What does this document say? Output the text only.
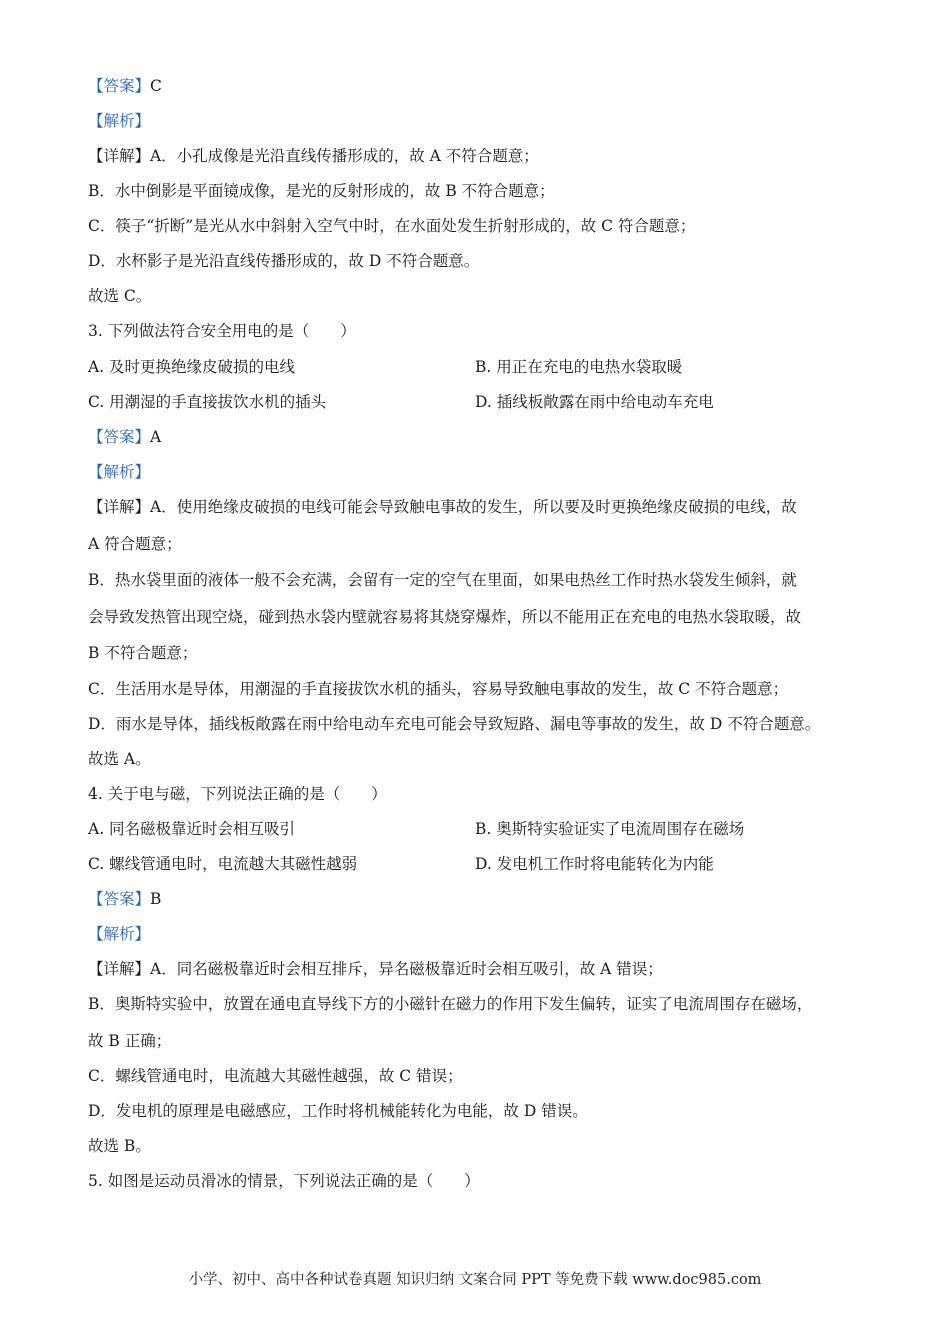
【答案】C
【解析】
【详解】A．小孔成像是光沿直线传播形成的，故 A 不符合题意；
B．水中倒影是平面镜成像，是光的反射形成的，故 B 不符合题意；
C．筷子“折断”是光从水中斜射入空气中时，在水面处发生折射形成的，故 C 符合题意；
D．水杯影子是光沿直线传播形成的，故 D 不符合题意。
故选 C。
3. 下列做法符合安全用电的是（　　）
A. 及时更换绝缘皮破损的电线	B. 用正在充电的电热水袋取暖
C. 用潮湿的手直接拔饮水机的插头	D. 插线板敞露在雨中给电动车充电
【答案】A
【解析】
【详解】A．使用绝缘皮破损的电线可能会导致触电事故的发生，所以要及时更换绝缘皮破损的电线，故
A 符合题意；
B．热水袋里面的液体一般不会充满，会留有一定的空气在里面，如果电热丝工作时热水袋发生倾斜，就
会导致发热管出现空烧，碰到热水袋内壁就容易将其烧穿爆炸，所以不能用正在充电的电热水袋取暖，故
B 不符合题意；
C．生活用水是导体，用潮湿的手直接拔饮水机的插头，容易导致触电事故的发生，故 C 不符合题意；
D．雨水是导体，插线板敞露在雨中给电动车充电可能会导致短路、漏电等事故的发生，故 D 不符合题意。
故选 A。
4. 关于电与磁，下列说法正确的是（　　）
A. 同名磁极靠近时会相互吸引	B. 奥斯特实验证实了电流周围存在磁场
C. 螺线管通电时，电流越大其磁性越弱	D. 发电机工作时将电能转化为内能
【答案】B
【解析】
【详解】A．同名磁极靠近时会相互排斥，异名磁极靠近时会相互吸引，故 A 错误；
B．奥斯特实验中，放置在通电直导线下方的小磁针在磁力的作用下发生偏转，证实了电流周围存在磁场，
故 B 正确；
C．螺线管通电时，电流越大其磁性越强，故 C 错误；
D．发电机的原理是电磁感应，工作时将机械能转化为电能，故 D 错误。
故选 B。
5. 如图是运动员滑冰的情景，下列说法正确的是（　　）
小学、初中、高中各种试卷真题 知识归纳 文案合同 PPT 等免费下载 www.doc985.com
